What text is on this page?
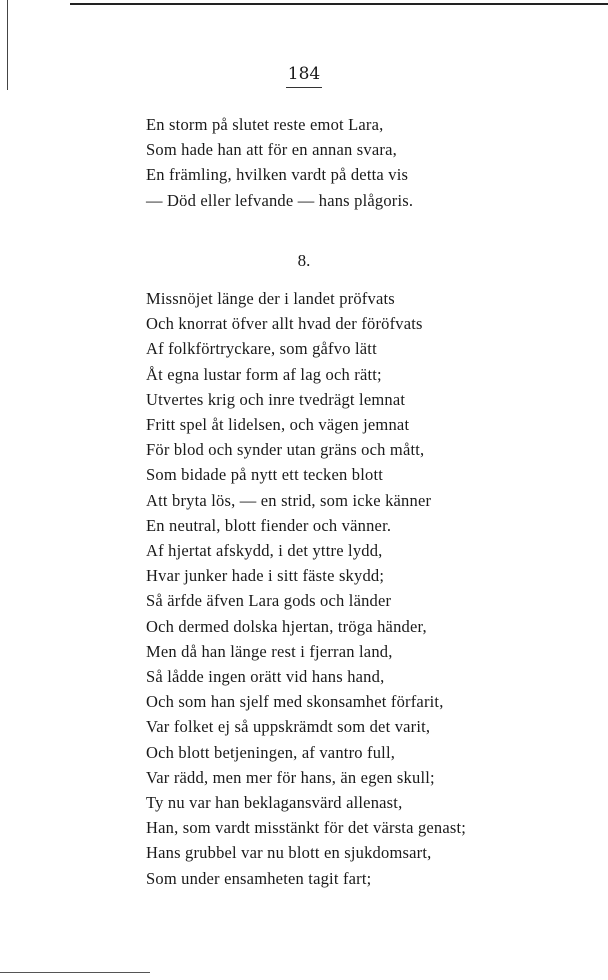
184
En storm på slutet reste emot Lara,
Som hade han att för en annan svara,
En främling, hvilken vardt på detta vis
— Död eller lefvande — hans plågoris.
8.
Missnöjet länge der i landet pröfvats
Och knorrat öfver allt hvad der föröfvats
Af folkförtryckare, som gåfvo lätt
Åt egna lustar form af lag och rätt;
Utvertes krig och inre tvedrägt lemnat
Fritt spel åt lidelsen, och vägen jemnat
För blod och synder utan gräns och mått,
Som bidade på nytt ett tecken blott
Att bryta lös, — en strid, som icke känner
En neutral, blott fiender och vänner.
Af hjertat afskydd, i det yttre lydd,
Hvar junker hade i sitt fäste skydd;
Så ärfde äfven Lara gods och länder
Och dermed dolska hjertan, tröga händer,
Men då han länge rest i fjerran land,
Så lådde ingen orätt vid hans hand,
Och som han sjelf med skonsamhet förfarit,
Var folket ej så uppskrämdt som det varit,
Och blott betjeningen, af vantro full,
Var rädd, men mer för hans, än egen skull;
Ty nu var han beklagansvärd allenast,
Han, som vardt misstänkt för det värsta genast;
Hans grubbel var nu blott en sjukdomsart,
Som under ensamheten tagit fart;
